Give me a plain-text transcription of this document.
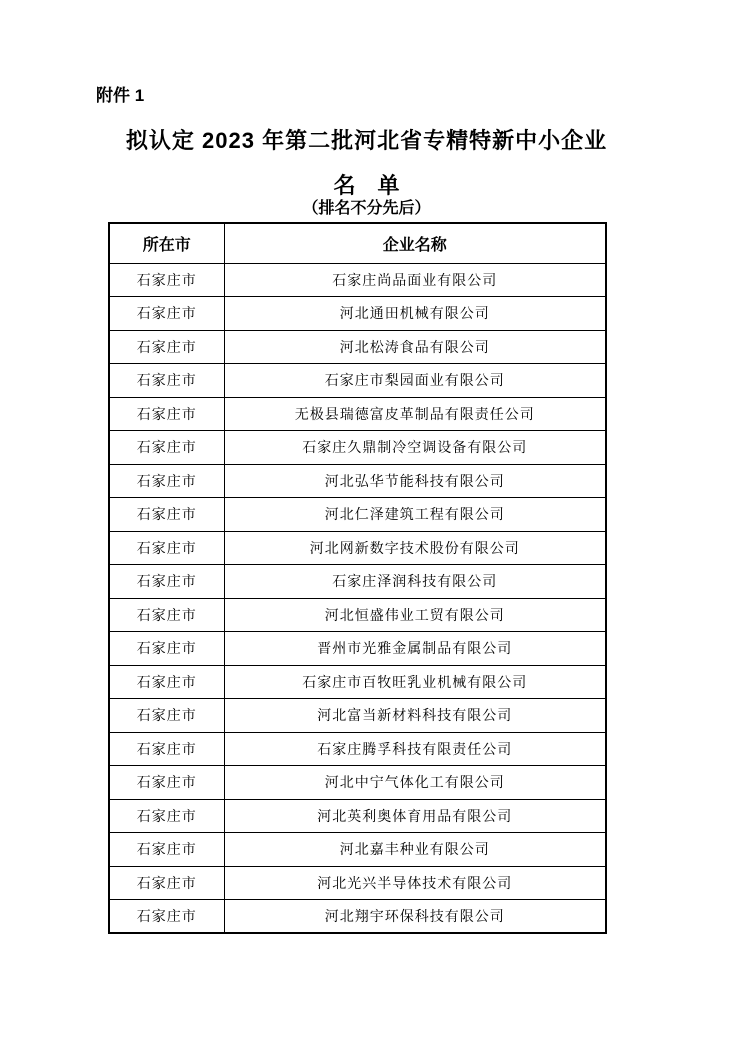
附件 1
拟认定 2023 年第二批河北省专精特新中小企业
名　单
（排名不分先后）
所在市	企业名称
石家庄市	石家庄尚品面业有限公司
石家庄市	河北通田机械有限公司
石家庄市	河北松涛食品有限公司
石家庄市	石家庄市梨园面业有限公司
石家庄市	无极县瑞德富皮革制品有限责任公司
石家庄市	石家庄久鼎制冷空调设备有限公司
石家庄市	河北弘华节能科技有限公司
石家庄市	河北仁泽建筑工程有限公司
石家庄市	河北网新数字技术股份有限公司
石家庄市	石家庄泽润科技有限公司
石家庄市	河北恒盛伟业工贸有限公司
石家庄市	晋州市光雅金属制品有限公司
石家庄市	石家庄市百牧旺乳业机械有限公司
石家庄市	河北富当新材料科技有限公司
石家庄市	石家庄腾孚科技有限责任公司
石家庄市	河北中宁气体化工有限公司
石家庄市	河北英利奥体育用品有限公司
石家庄市	河北嘉丰种业有限公司
石家庄市	河北光兴半导体技术有限公司
石家庄市	河北翔宇环保科技有限公司
